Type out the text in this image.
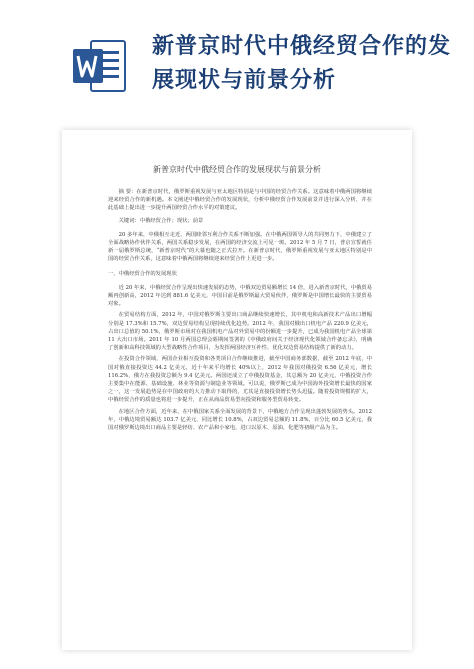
新普京时代中俄经贸合作的发
展现状与前景分析
新普京时代中俄经贸合作的发展现状与前景分析

摘 要：在新普京时代，俄罗斯重视发展与亚太地区特别是与中国的经贸合作关系。这意味着中俄两国将继续迎来经贸合作的新机遇。本文阐述中俄经贸合作的发展现状，分析中俄经贸合作发展前景并进行深入分析，并在此基础上提出进一步提升两国经贸合作水平的对策建议。

关键词：中俄经贸合作；现状；前景

20 多年来，中俄相互走近，两国睦邻互利合作关系不断加强。在中俄两国领导人的共同努力下，中俄建立了全面战略协作伙伴关系，两国关系稳步发展，在两国的经济交流上可见一斑。2012 年 5 月 7 日，普京宣誓就任新一届俄罗斯总统，“新普京时代”的大幕也随之正式拉开。在新普京时代，俄罗斯重视发展与亚太地区特别是中国的经贸合作关系，这意味着中俄两国将继续迎来经贸合作上更进一步。

一、中俄经贸合作的发展现状

近 20 年来，中俄经贸合作呈现出快速发展的态势，中俄双边贸易额增长 14 倍，进入新普京时代，中俄贸易额再创新高，2012 年达到 881.6 亿美元，中国目前是俄罗斯最大贸易伙伴，俄罗斯是中国增长最快的主要贸易对象。

在贸易结构方面，2012 年，中国对俄罗斯主要出口商品继续快速增长，其中机电和高新技术产品出口增幅分别是 17.3%和 15.7%，双边贸易结构呈现持续优化趋势。2012 年，我国对俄出口机电产品 220.9 亿美元，占出口总值的 50.1%，俄罗斯市场对在我国机电产品对外贸易中的份额进一步提升，已成为我国机电产品全球第 11 大出口市场。2011 年 10 月两国总理会晤期间签署的《中俄政府间关于经济现代化领域合作备忘录》，明确了创新和高科技领域的大型战略性合作项目，为发挥两国经济互补性、优化双边贸易结构提供了新的动力。

在投资合作领域，两国企业相互投资和各类项目合作继续推进，截至中国商务部数据，截至 2012 年底，中国对俄直接投资达 44.2 亿美元，近十年来平均增长 40%以上，2012 年我国对俄投资 6.56 亿美元，增长 116.2%，俄方在我投资总额为 9.4 亿美元。两国还成立了中俄投资基金，其总额为 20 亿美元，中俄投资合作主要集中在能源、基础设施、林业等资源与制造业等领域。可以说，俄罗斯已成为中国海外投资增长最快的国家之一，这一发展趋势是在中国政府的大力推动下取得的，尤其是直接投资增长势头迅猛。随着投资规模的扩大，中俄经贸合作的质量也将进一步提升，正在从商品贸易型向投资和服务型贸易转变。

在地区合作方面，近年来，在中俄国家关系全面发展的背景下，中俄地方合作呈现出蓬勃发展的势头。2012 年，中俄边境贸易额达 103.7 亿美元，同比增长 10.8%，占双边贸易总额的 11.8%，百分比 60.5 亿美元，我国对俄罗斯边境出口商品主要是轻纺、农产品和小家电，进口以原木、原油、化肥等初级产品为主。
